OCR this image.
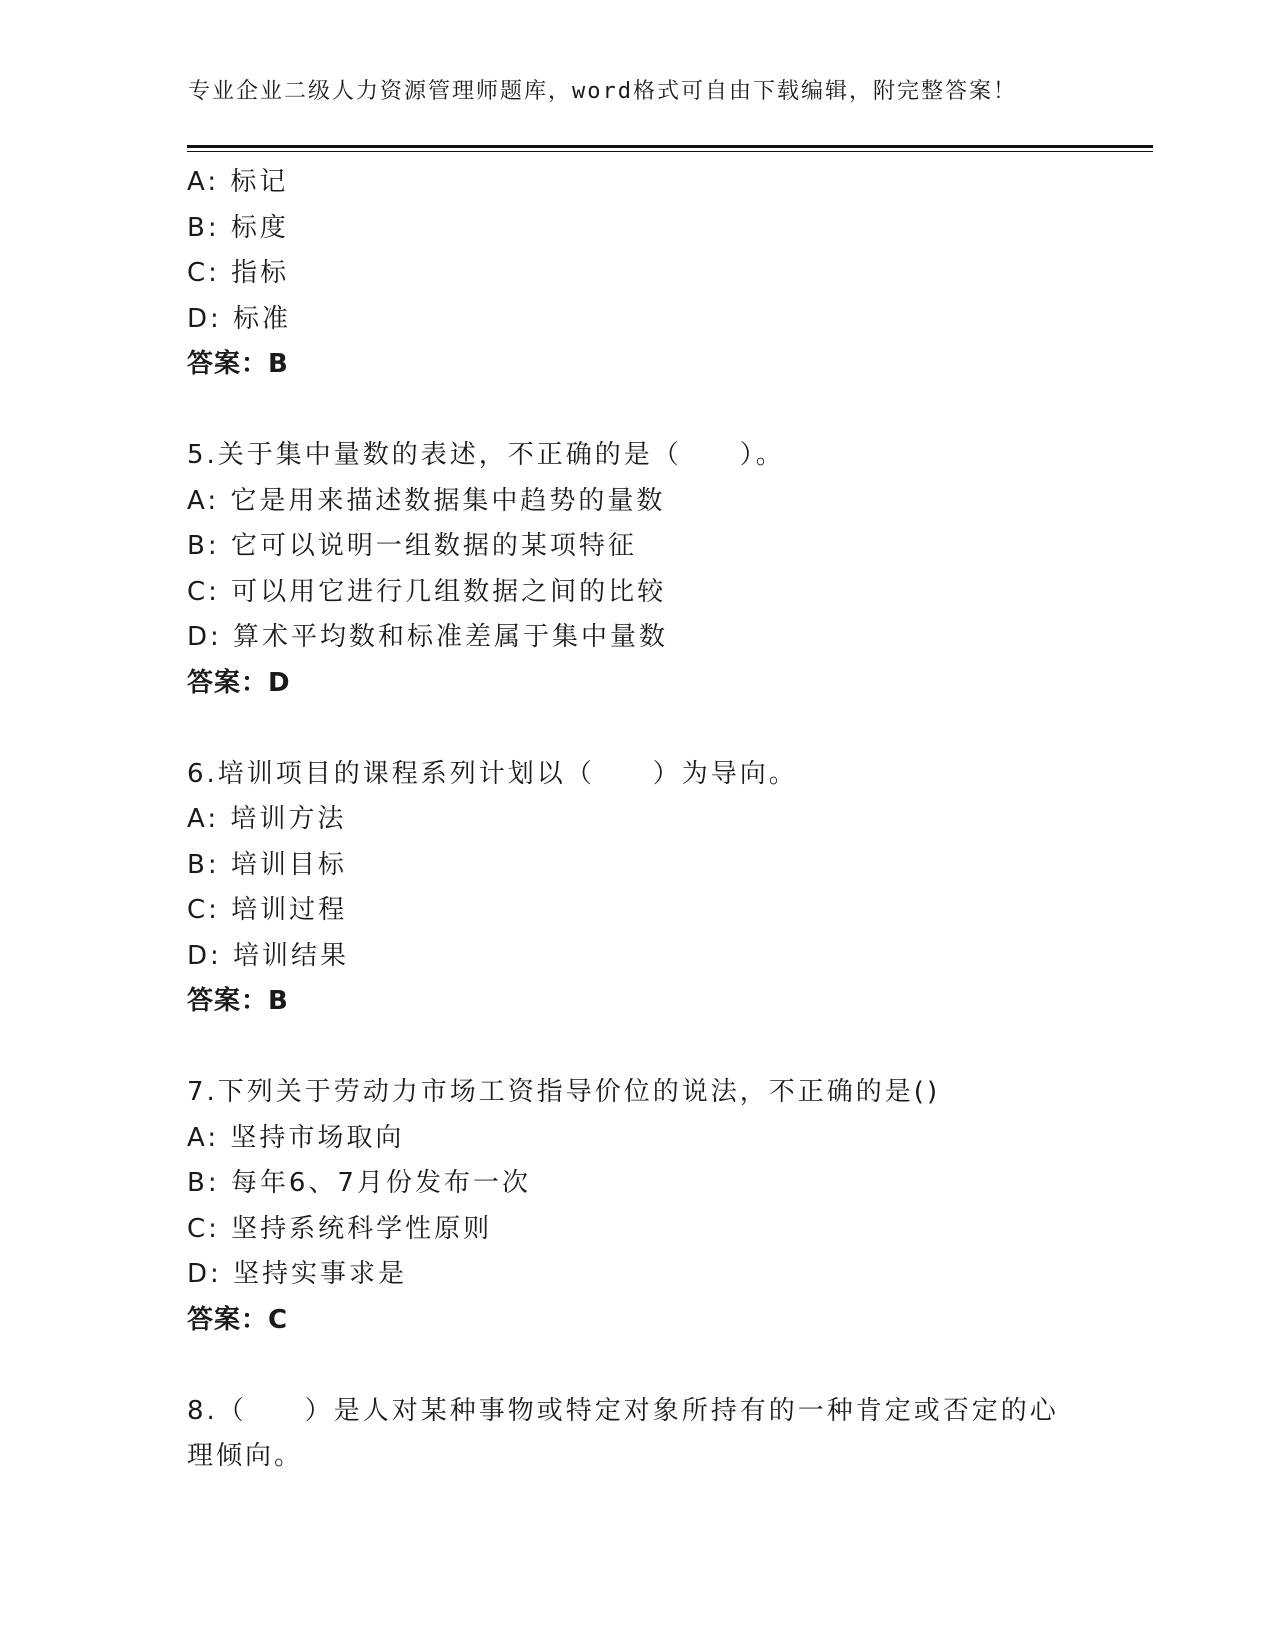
专业企业二级人力资源管理师题库，word格式可自由下载编辑，附完整答案！
A: 标记
B: 标度
C: 指标
D: 标准
答案：B
5.关于集中量数的表述，不正确的是（　　）。
A: 它是用来描述数据集中趋势的量数
B: 它可以说明一组数据的某项特征
C: 可以用它进行几组数据之间的比较
D: 算术平均数和标准差属于集中量数
答案：D
6.培训项目的课程系列计划以（　　）为导向。
A: 培训方法
B: 培训目标
C: 培训过程
D: 培训结果
答案：B
7.下列关于劳动力市场工资指导价位的说法，不正确的是()
A: 坚持市场取向
B: 每年6、7月份发布一次
C: 坚持系统科学性原则
D: 坚持实事求是
答案：C
8.（　　）是人对某种事物或特定对象所持有的一种肯定或否定的心理倾向。
